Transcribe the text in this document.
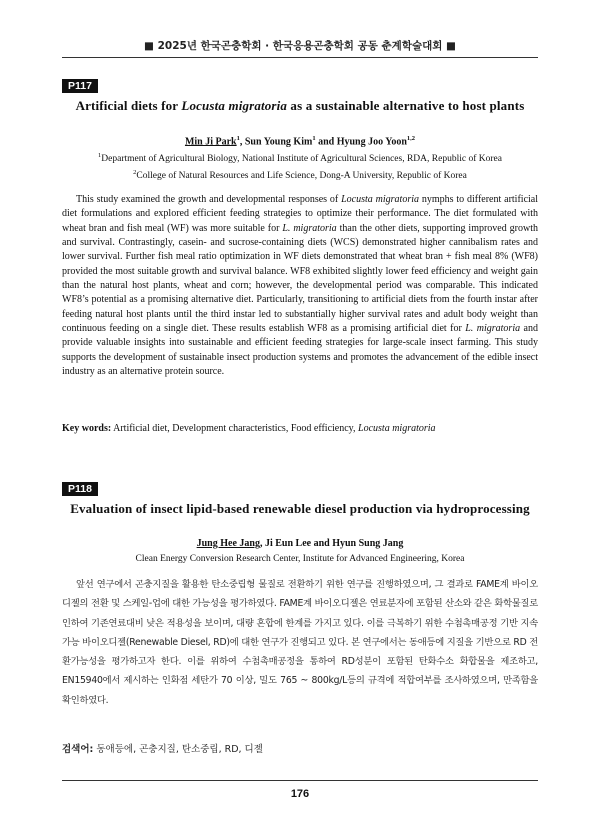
■ 2025년 한국곤충학회 · 한국응용곤충학회 공동 춘계학술대회 ■
P117
Artificial diets for Locusta migratoria as a sustainable alternative to host plants
Min Ji Park$^1$, Sun Young Kim$^1$ and Hyung Joo Yoon$^{1,2}$
$^1$Department of Agricultural Biology, National Institute of Agricultural Sciences, RDA, Republic of Korea
$^2$College of Natural Resources and Life Science, Dong-A University, Republic of Korea
This study examined the growth and developmental responses of Locusta migratoria nymphs to different artificial diet formulations and explored efficient feeding strategies to optimize their performance. The diet formulated with wheat bran and fish meal (WF) was more suitable for L. migratoria than the other diets, supporting improved growth and survival. Contrastingly, casein- and sucrose-containing diets (WCS) demonstrated higher cannibalism rates and lower survival. Further fish meal ratio optimization in WF diets demonstrated that wheat bran + fish meal 8% (WF8) provided the most suitable growth and survival balance. WF8 exhibited slightly lower feed efficiency and weight gain than the natural host plants, wheat and corn; however, the developmental period was comparable. This indicated WF8’s potential as a promising alternative diet. Particularly, transitioning to artificial diets from the fourth instar after feeding natural host plants until the third instar led to substantially higher survival rates and adult body weight than continuous feeding on a single diet. These results establish WF8 as a promising artificial diet for L. migratoria and provide valuable insights into sustainable and efficient feeding strategies for large-scale insect farming. This study supports the development of sustainable insect production systems and promotes the advancement of the edible insect industry as an alternative protein source.
Key words: Artificial diet, Development characteristics, Food efficiency, Locusta migratoria
P118
Evaluation of insect lipid-based renewable diesel production via hydroprocessing
Jung Hee Jang, Ji Eun Lee and Hyun Sung Jang
Clean Energy Conversion Research Center, Institute for Advanced Engineering, Korea
앞선 연구에서 곤충지질을 활용한 탄소중립형 물질로 전환하기 위한 연구를 진행하였으며, 그 결과로 FAME계 바이오디젤의 전환 및 스케일-업에 대한 가능성을 평가하였다. FAME계 바이오디젤은 연료분자에 포함된 산소와 같은 화학물질로 인하여 기존연료대비 낮은 적용성을 보이며, 대량 혼합에 한계를 가지고 있다. 이를 극복하기 위한 수첨촉매공정 기반 지속가능 바이오디젤(Renewable Diesel, RD)에 대한 연구가 진행되고 있다. 본 연구에서는 동애등에 지질을 기반으로 RD 전환가능성을 평가하고자 한다. 이를 위하여 수첨촉매공정을 통하여 RD성분이 포함된 탄화수소 화합물을 제조하고, EN15940에서 제시하는 인화점 세탄가 70 이상, 밀도 765 ~ 800kg/L등의 규격에 적합여부를 조사하였으며, 만족함을 확인하였다.
검색어: 동애등에, 곤충지질, 탄소중립, RD, 디젤
176
